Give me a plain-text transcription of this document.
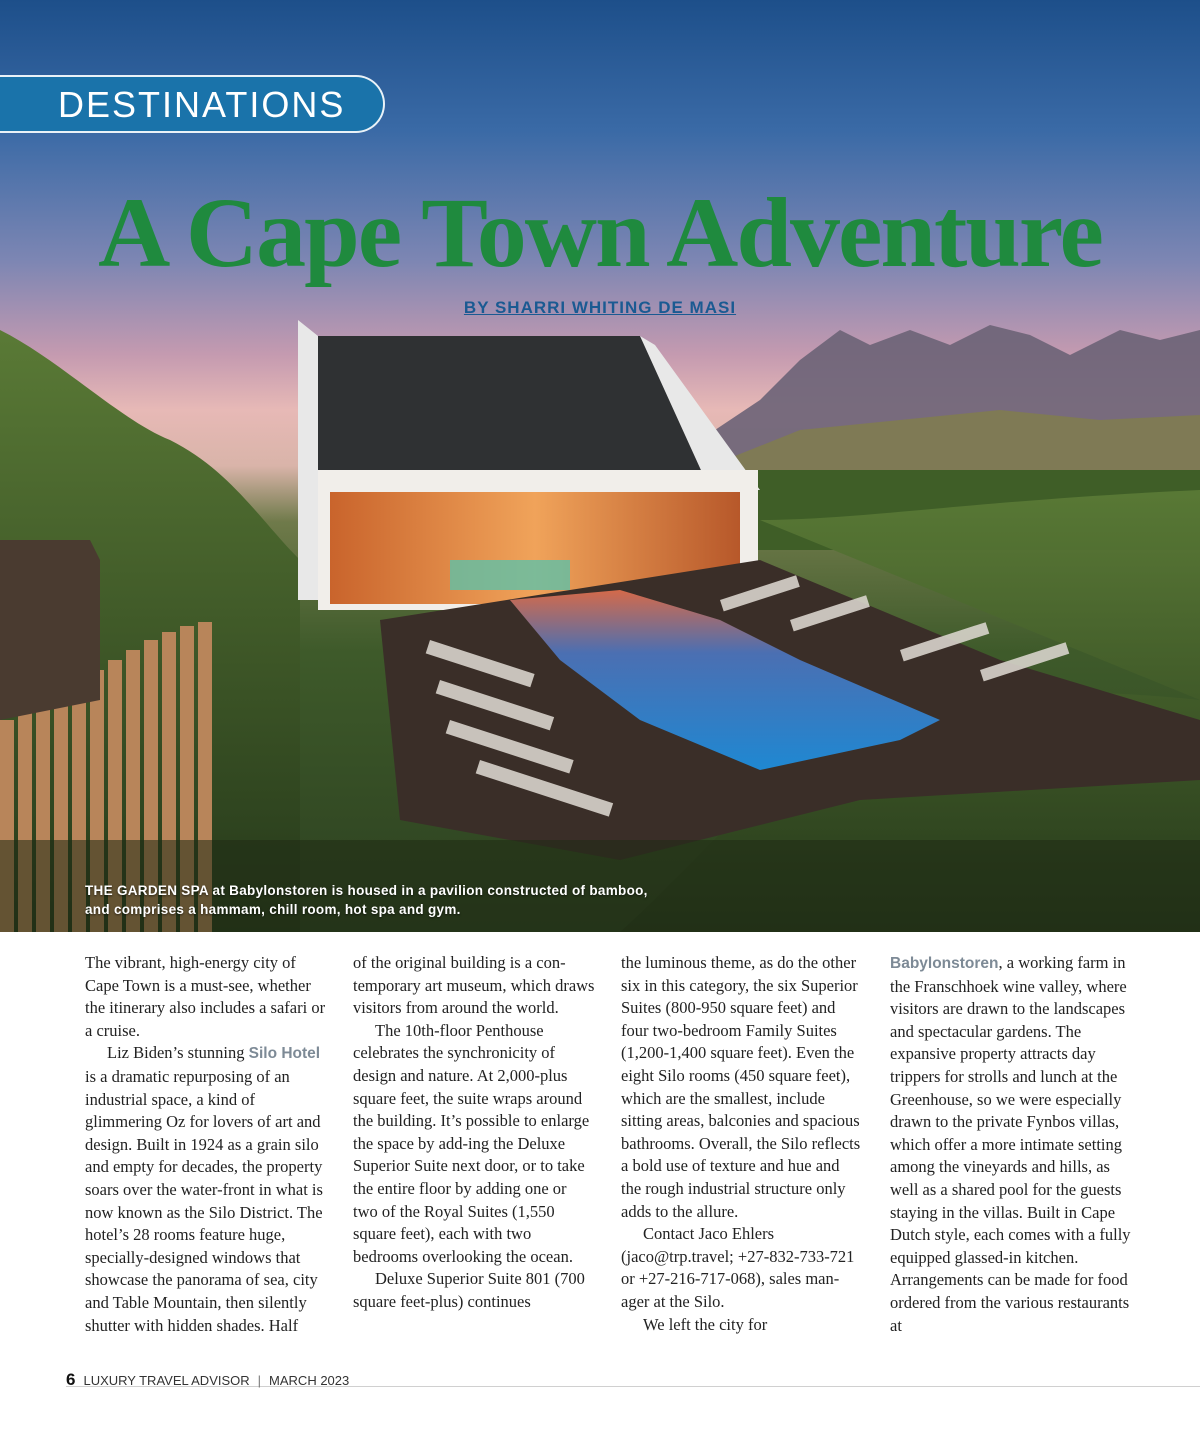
DESTINATIONS
A Cape Town Adventure
BY SHARRI WHITING DE MASI
THE GARDEN SPA at Babylonstoren is housed in a pavilion constructed of bamboo,
and comprises a hammam, chill room, hot spa and gym.

The vibrant, high-energy city of Cape Town is a must-see, whether the itinerary also includes a safari or a cruise.

Liz Biden’s stunning Silo Hotel is a dramatic repurposing of an industrial space, a kind of glimmering Oz for lovers of art and design. Built in 1924 as a grain silo and empty for decades, the property soars over the water-front in what is now known as the Silo District. The hotel’s 28 rooms feature huge, specially-designed windows that showcase the panorama of sea, city and Table Mountain, then silently shutter with hidden shades. Half

of the original building is a con-temporary art museum, which draws visitors from around the world.

The 10th-floor Penthouse celebrates the synchronicity of design and nature. At 2,000-plus square feet, the suite wraps around the building. It’s possible to enlarge the space by add-ing the Deluxe Superior Suite next door, or to take the entire floor by adding one or two of the Royal Suites (1,550 square feet), each with two bedrooms overlooking the ocean.

Deluxe Superior Suite 801 (700 square feet-plus) continues

the luminous theme, as do the other six in this category, the six Superior Suites (800-950 square feet) and four two-bedroom Family Suites (1,200-1,400 square feet). Even the eight Silo rooms (450 square feet), which are the smallest, include sitting areas, balconies and spacious bathrooms. Overall, the Silo reflects a bold use of texture and hue and the rough industrial structure only adds to the allure.

Contact Jaco Ehlers (jaco@trp.travel; +27-832-733-721 or +27-216-717-068), sales man-ager at the Silo.

We left the city for

Babylonstoren, a working farm in the Franschhoek wine valley, where visitors are drawn to the landscapes and spectacular gardens. The expansive property attracts day trippers for strolls and lunch at the Greenhouse, so we were especially drawn to the private Fynbos villas, which offer a more intimate setting among the vineyards and hills, as well as a shared pool for the guests staying in the villas. Built in Cape Dutch style, each comes with a fully equipped glassed-in kitchen. Arrangements can be made for food ordered from the various restaurants at

6 LUXURY TRAVEL ADVISOR | MARCH 2023
